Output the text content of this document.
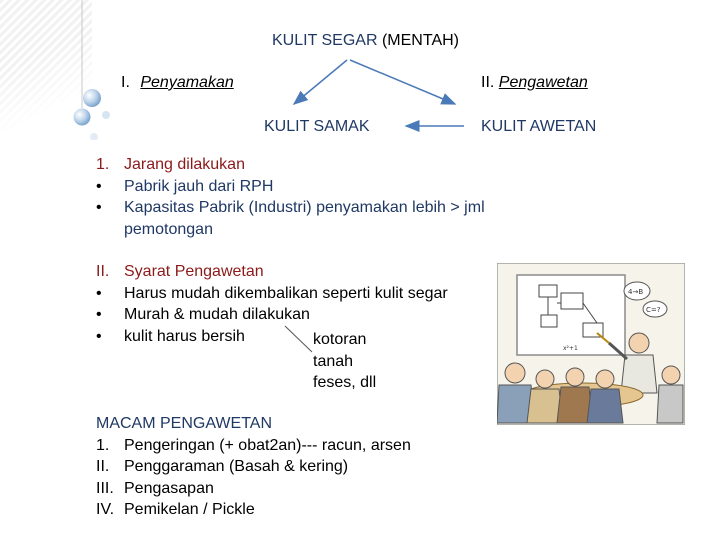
KULIT SEGAR (MENTAH)
I. Penyamakan	II. Pengawetan
KULIT SAMAK	KULIT AWETAN
1. Jarang dilakukan
• Pabrik jauh dari RPH
• Kapasitas Pabrik (Industri) penyamakan lebih > jml
pemotongan
II. Syarat Pengawetan
• Harus mudah dikembalikan seperti kulit segar
• Murah & mudah dilakukan
• kulit harus bersih	kotoran
tanah
feses, dll
MACAM PENGAWETAN
1. Pengeringan (+ obat2an)--- racun, arsen
II. Penggaraman (Basah & kering)
III. Pengasapan
IV. Pemikelan / Pickle
x²+1
4→B
C=?
